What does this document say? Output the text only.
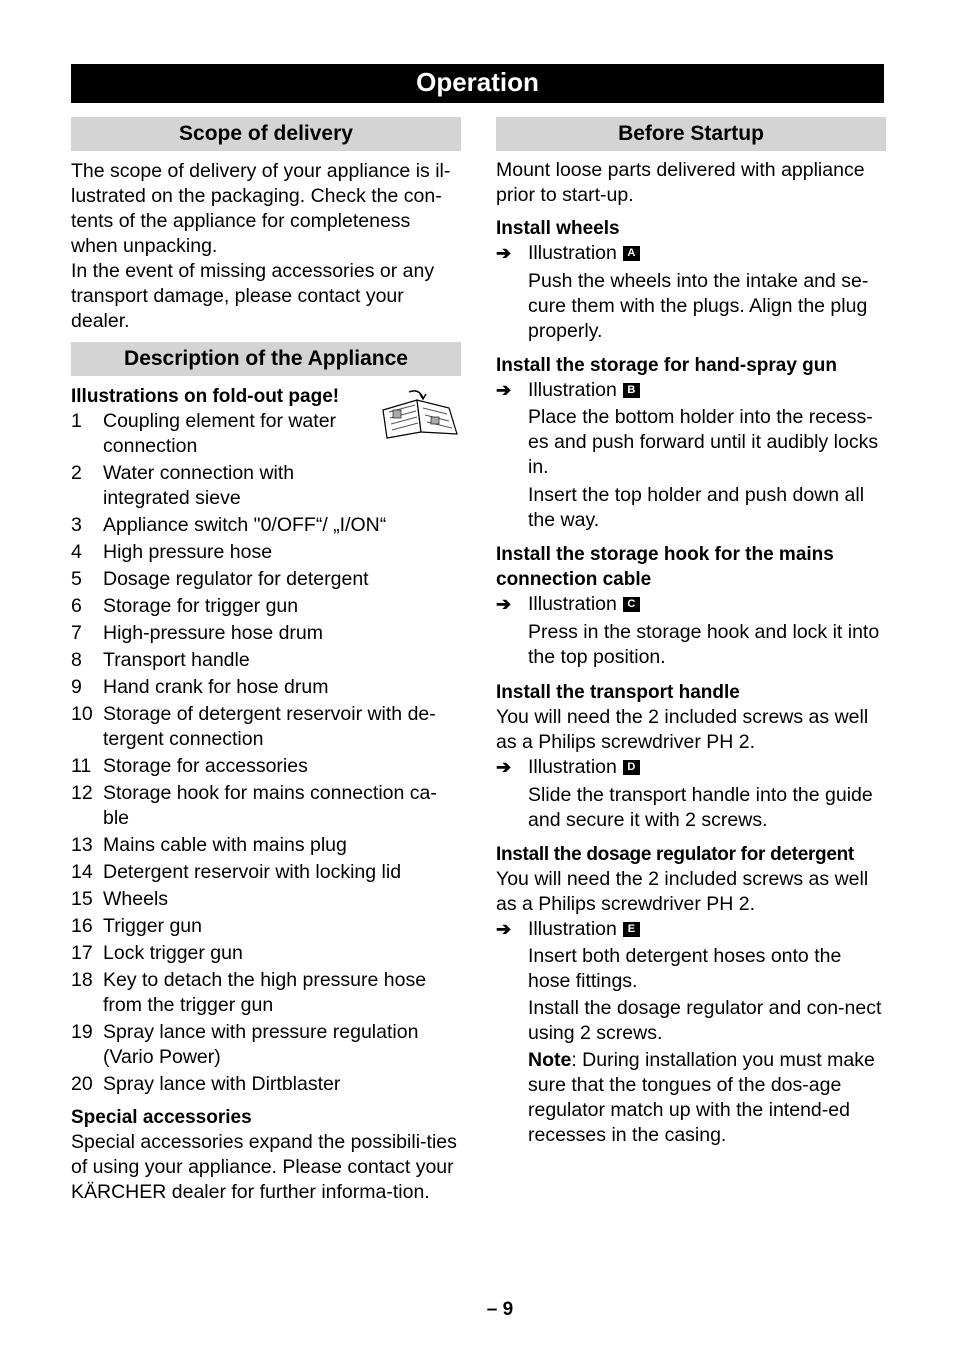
Operation
Scope of delivery

The scope of delivery of your appliance is il-lustrated on the packaging. Check the con-tents of the appliance for completeness when unpacking.

In the event of missing accessories or any transport damage, please contact your dealer.

Description of the Appliance
Illustrations on fold-out page!
1	Coupling element for water connection
2	Water connection with integrated sieve
3	Appliance switch "0/OFF“/ „I/ON“
4	High pressure hose
5	Dosage regulator for detergent
6	Storage for trigger gun
7	High-pressure hose drum
8	Transport handle
9	Hand crank for hose drum
10 Storage of detergent reservoir with de-tergent connection
11 Storage for accessories
12 Storage hook for mains connection ca-ble
13 Mains cable with mains plug
14 Detergent reservoir with locking lid
15 Wheels
16 Trigger gun
17 Lock trigger gun
18 Key to detach the high pressure hose from the trigger gun
19 Spray lance with pressure regulation (Vario Power)
20 Spray lance with Dirtblaster
Special accessories

Special accessories expand the possibili-ties of using your appliance. Please contact your KÄRCHER dealer for further informa-tion.

Before Startup

Mount loose parts delivered with appliance prior to start-up.

Install wheels
➔ Illustration A

Push the wheels into the intake and se-cure them with the plugs. Align the plug properly.

Install the storage for hand-spray gun
➔ Illustration B

Place the bottom holder into the recess-es and push forward until it audibly locks in.

Insert the top holder and push down all the way.

Install the storage hook for the mains connection cable
➔ Illustration C

Press in the storage hook and lock it into the top position.

Install the transport handle

You will need the 2 included screws as well as a Philips screwdriver PH 2.

➔ Illustration D

Slide the transport handle into the guide and secure it with 2 screws.

Install the dosage regulator for detergent

You will need the 2 included screws as well as a Philips screwdriver PH 2.

➔ Illustration E

Insert both detergent hoses onto the hose fittings.

Install the dosage regulator and con-nect using 2 screws.

Note: During installation you must make sure that the tongues of the dos-age regulator match up with the intend-ed recesses in the casing.

– 9
